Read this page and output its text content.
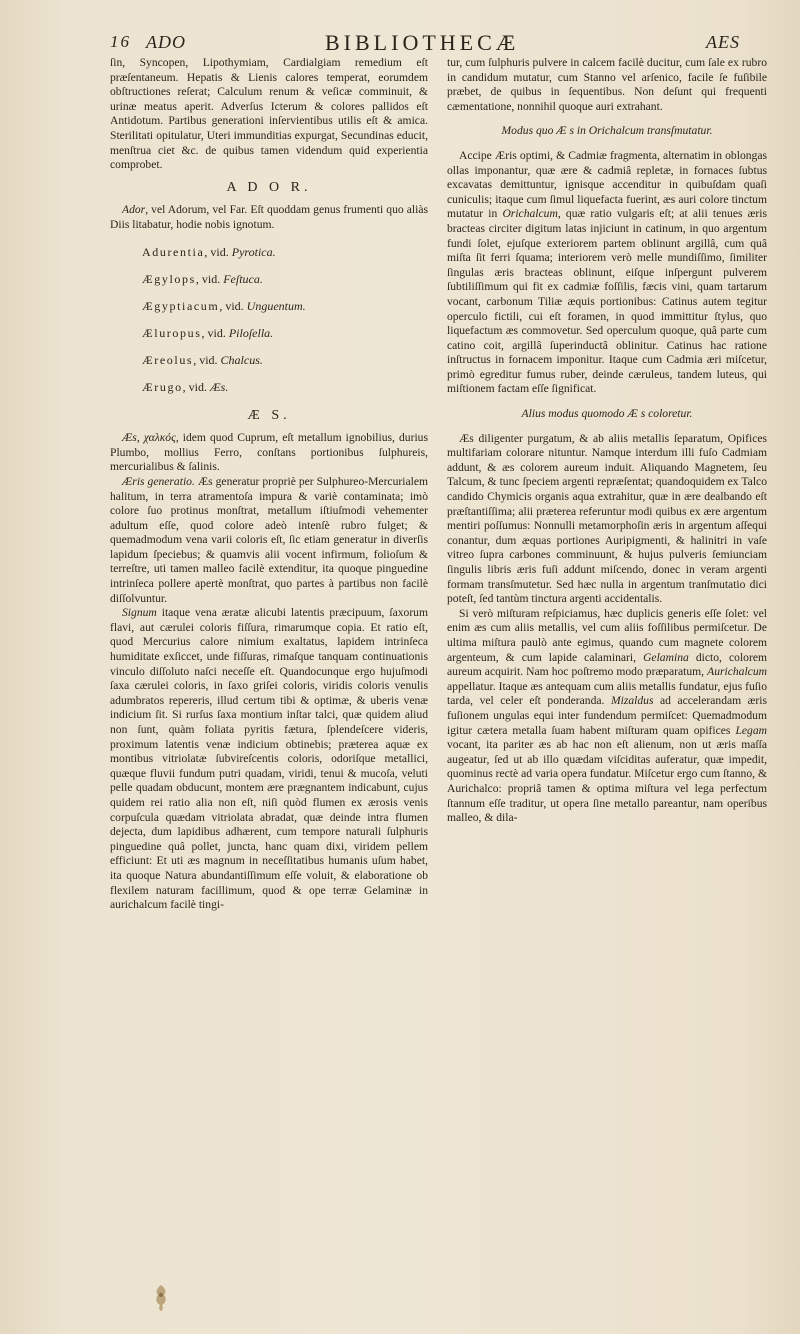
16 ADO	BIBLIOTHECÆ	AES

ſin, Syncopen, Lipothymiam, Cardialgiam remedium eſt præſentaneum. Hepatis & Lienis calores temperat, eorumdem obſtructiones reſerat; Calculum renum & veſicæ comminuit, & urinæ meatus aperit. Adverſus Icterum & colores pallidos eſt Antidotum. Partibus generationi inſervientibus utilis eſt & amica. Sterilitati opitulatur, Uteri immunditias expurgat, Secundinas educit, menſtrua ciet &c. de quibus tamen videndum quid experientia comprobet.

A D O R.

Ador, vel Adorum, vel Far. Eſt quoddam genus frumenti quo aliàs Diis litabatur, hodie nobis ignotum.

Adurentia, vid. Pyrotica.
Ægylops, vid. Feſtuca.
Ægyptiacum, vid. Unguentum.
Æluropus, vid. Piloſella.
Æreolus, vid. Chalcus.
Ærugo, vid. Æs.
Æ S.

Æs, χαλκός, idem quod Cuprum, eſt metallum ignobilius, durius Plumbo, mollius Ferro, conſtans portionibus ſulphureis, mercurialibus & ſalinis.

Æris generatio. Æs generatur propriè per Sulphureo-Mercurialem halitum, in terra atramentoſa impura & variè contaminata; imò colore ſuo protinus monſtrat, metallum iſtiuſmodi vehementer adultum eſſe, quod colore adeò intenſè rubro fulget; & quemadmodum vena varii coloris eſt, ſic etiam generatur in diverſis lapidum ſpeciebus; & quamvis alii vocent infirmum, folioſum & terreſtre, uti tamen malleo facilè extenditur, ita quoque pinguedine intrinſeca pollere apertè monſtrat, quo partes à partibus non facilè diſſolvuntur.

Signum itaque vena æratæ alicubi latentis præcipuum, ſaxorum flavi, aut cærulei coloris fiſſura, rimarumque copia. Et ratio eſt, quod Mercurius calore nimium exaltatus, lapidem intrinſeca humiditate exſiccet, unde fiſſuras, rimaſque tanquam continuationis vinculo diſſoluto naſci neceſſe eſt. Quandocunque ergo hujuſmodi ſaxa cærulei coloris, in ſaxo griſei coloris, viridis coloris venulis adumbratos repereris, illud certum tibi & optimæ, & uberis venæ indicium ſit. Si rurſus ſaxa montium inſtar talci, quæ quidem aliud non ſunt, quàm foliata pyritis fætura, ſplendeſcere videris, proximum latentis venæ indicium obtinebis; præterea aquæ ex montibus vitriolatæ ſubvireſcentis coloris, odoriſque metallici, quæque fluvii fundum putri quadam, viridi, tenui & mucoſa, veluti pelle quadam obducunt, montem ære prægnantem indicabunt, cujus quidem rei ratio alia non eſt, niſi quòd flumen ex ærosis venis corpuſcula quædam vitriolata abradat, quæ deinde intra flumen dejecta, dum lapidibus adhærent, cum tempore naturali ſulphuris pinguedine quâ pollet, juncta, hanc quam dixi, viridem pellem efficiunt: Et uti æs magnum in neceſſitatibus humanis uſum habet, ita quoque Natura abundantiſſimum eſſe voluit, & elaboratione ob flexilem naturam facillimum, quod & ope terræ Gelaminæ in aurichalcum facilè tingi-

tur, cum ſulphuris pulvere in calcem facilè ducitur, cum ſale ex rubro in candidum mutatur, cum Stanno vel arſenico, facile ſe fuſibile præbet, de quibus in ſequentibus. Non deſunt qui frequenti cæmentatione, nonnihil quoque auri extrahant.

Modus quo Æ s in Orichalcum transſmutatur.

Accipe Æris optimi, & Cadmiæ fragmenta, alternatim in oblongas ollas imponantur, quæ ære & cadmiâ repletæ, in fornaces ſubtus excavatas demittuntur, ignisque accenditur in quibuſdam quaſi cuniculis; itaque cum ſimul liquefacta fuerint, æs auri colore tinctum mutatur in Orichalcum, quæ ratio vulgaris eſt; at alii tenues æris bracteas circiter digitum latas injiciunt in catinum, in quo argentum fundi ſolet, ejuſque exteriorem partem oblinunt argillâ, cum quâ miſta ſit ferri ſquama; interiorem verò melle mundiſſimo, ſimiliter ſingulas æris bracteas oblinunt, eiſque inſpergunt pulverem ſubtiliſſimum qui fit ex cadmiæ foſſilis, fæcis vini, quam tartarum vocant, carbonum Tiliæ æquis portionibus: Catinus autem tegitur operculo fictili, cui eſt foramen, in quod immittitur ſtylus, quo liquefactum æs commovetur. Sed operculum quoque, quâ parte cum catino coit, argillâ ſuperinductâ oblinitur. Catinus hac ratione inſtructus in fornacem imponitur. Itaque cum Cadmia æri miſcetur, primò egreditur fumus ruber, deinde cæruleus, tandem luteus, qui miſtionem factam eſſe ſignificat.

Alius modus quomodo Æ s coloretur.

Æs diligenter purgatum, & ab aliis metallis ſeparatum, Opifices multifariam colorare nituntur. Namque interdum illi fuſo Cadmiam addunt, & æs colorem aureum induit. Aliquando Magnetem, ſeu Talcum, & tunc ſpeciem argenti repræſentat; quandoquidem ex Talco candido Chymicis organis aqua extrahitur, quæ in ære dealbando eſt præſtantiſſima; alii præterea referuntur modi quibus ex ære argentum mentiri poſſumus: Nonnulli metamorphoſin æris in argentum aſſequi conantur, dum æquas portiones Auripigmenti, & halinitri in vaſe vitreo ſupra carbones comminuunt, & hujus pulveris ſemiunciam ſingulis libris æris fuſi addunt miſcendo, donec in veram argenti formam transſmutetur. Sed hæc nulla in argentum tranſmutatio dici poteſt, ſed tantùm tinctura argenti accidentalis.

Si verò miſturam reſpiciamus, hæc duplicis generis eſſe ſolet: vel enim æs cum aliis metallis, vel cum aliis foſſilibus permiſcetur. De ultima miſtura paulò ante egimus, quando cum magnete colorem argenteum, & cum lapide calaminari, Gelamina dicto, colorem aureum acquirit. Nam hoc poſtremo modo præparatum, Aurichalcum appellatur. Itaque æs antequam cum aliis metallis fundatur, ejus fuſio tarda, vel celer eſt ponderanda. Mizaldus ad accelerandam æris fuſionem ungulas equi inter fundendum permiſcet: Quemadmodum igitur cætera metalla ſuam habent miſturam quam opifices Legam vocant, ita pariter æs ab hac non eſt alienum, non ut æris maſſa augeatur, ſed ut ab illo quædam viſciditas auferatur, quæ impedit, quominus rectè ad varia opera fundatur. Miſcetur ergo cum ſtanno, & Aurichalco: propriâ tamen & optima miſtura vel lega perfectum ſtannum eſſe traditur, ut opera ſine metallo pareantur, nam operibus malleo, & dila-
